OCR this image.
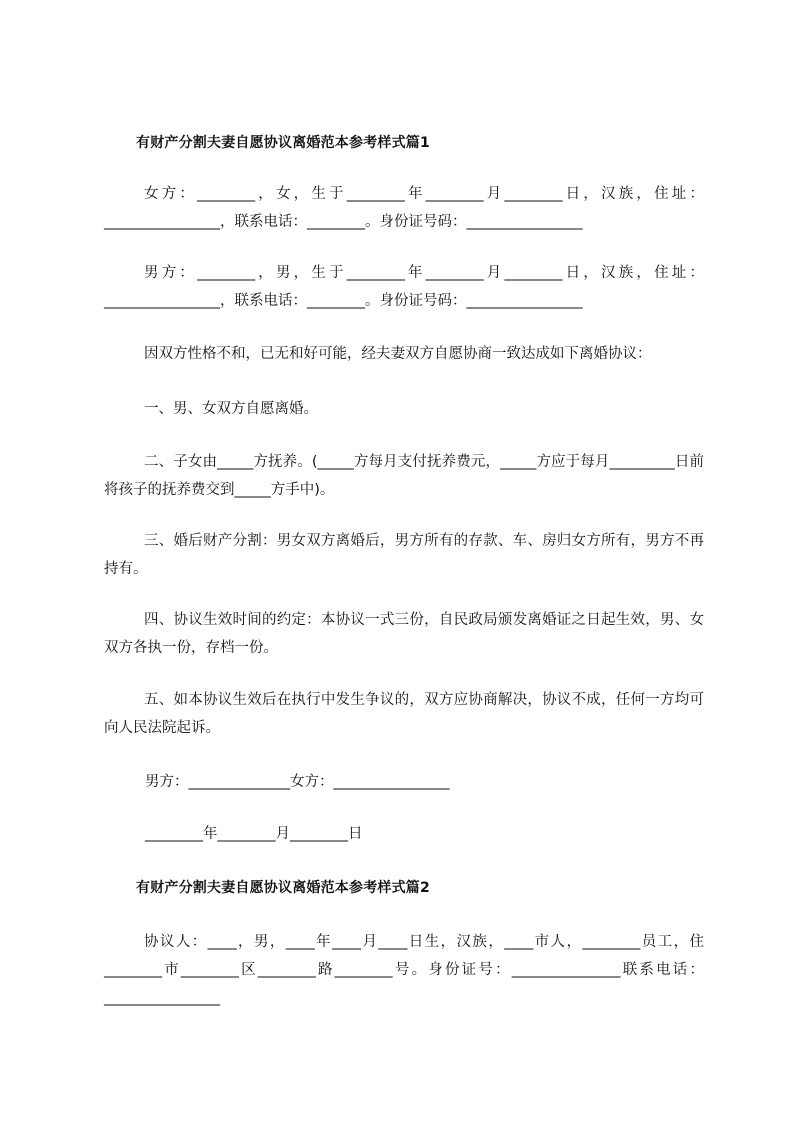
有财产分割夫妻自愿协议离婚范本参考样式篇1

女方：________，女，生于________年________月________日，汉族，住址：________________，联系电话：________。身份证号码：________________

男方：________，男，生于________年________月________日，汉族，住址：________________，联系电话：________。身份证号码：________________

因双方性格不和，已无和好可能，经夫妻双方自愿协商一致达成如下离婚协议：

一、男、女双方自愿离婚。

二、子女由_____方抚养。(_____方每月支付抚养费元，_____方应于每月_________日前将孩子的抚养费交到_____方手中)。

三、婚后财产分割：男女双方离婚后，男方所有的存款、车、房归女方所有，男方不再持有。

四、协议生效时间的约定：本协议一式三份，自民政局颁发离婚证之日起生效，男、女双方各执一份，存档一份。

五、如本协议生效后在执行中发生争议的，双方应协商解决，协议不成，任何一方均可向人民法院起诉。

男方：______________女方：________________
________年________月________日
有财产分割夫妻自愿协议离婚范本参考样式篇2

协议人：____，男，____年____月____日生，汉族，____市人，________员工，住________市________区________路________号。身份证号：_______________联系电话：________________
